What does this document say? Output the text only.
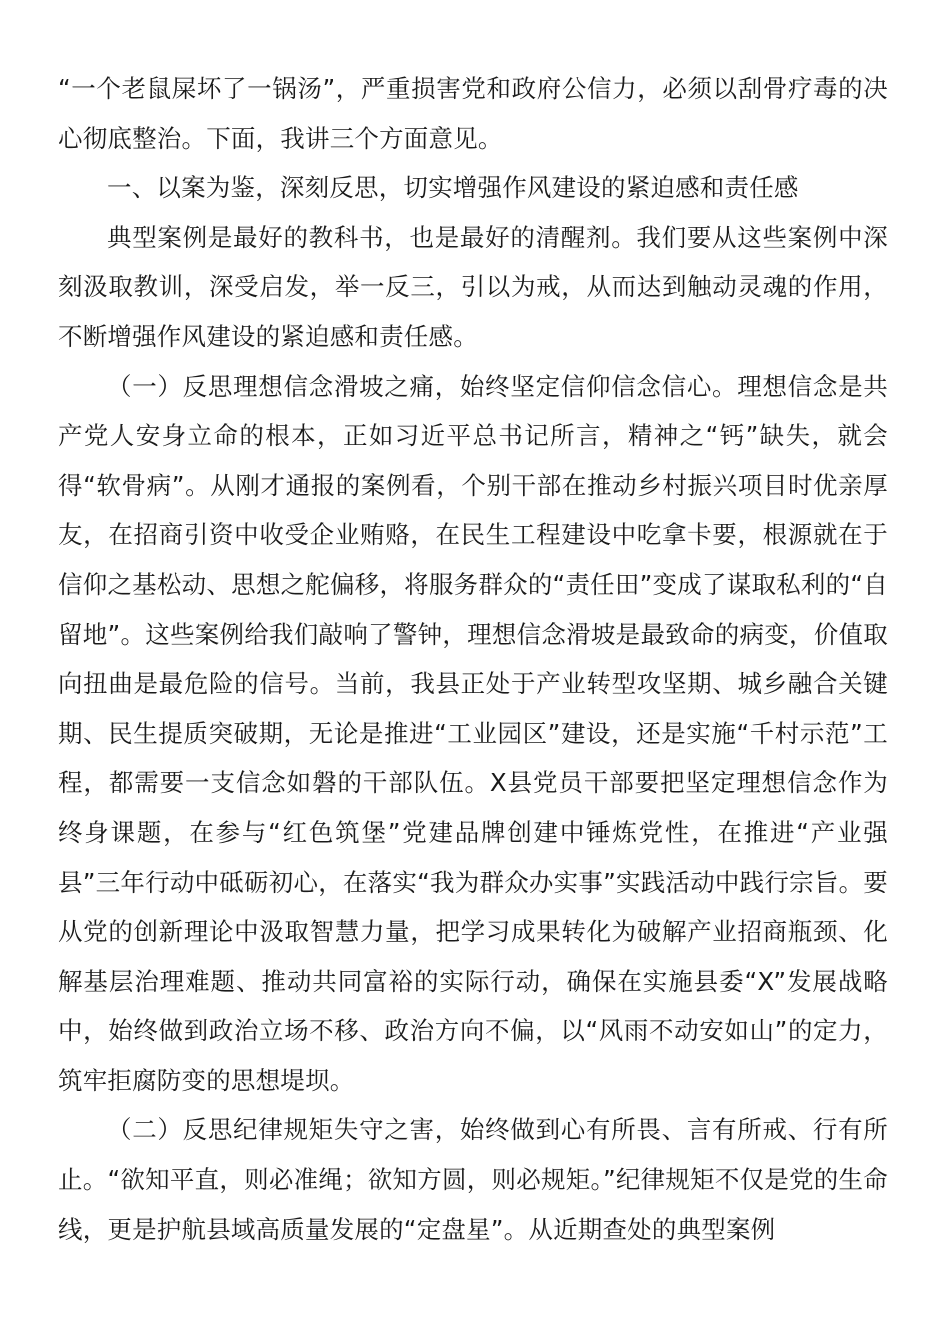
“一个老鼠屎坏了一锅汤”，严重损害党和政府公信力，必须以刮骨疗毒的决心彻底整治。下面，我讲三个方面意见。

一、以案为鉴，深刻反思，切实增强作风建设的紧迫感和责任感

典型案例是最好的教科书，也是最好的清醒剂。我们要从这些案例中深刻汲取教训，深受启发，举一反三，引以为戒，从而达到触动灵魂的作用，不断增强作风建设的紧迫感和责任感。

（一）反思理想信念滑坡之痛，始终坚定信仰信念信心。理想信念是共产党人安身立命的根本，正如习近平总书记所言，精神之“钙”缺失，就会得“软骨病”。从刚才通报的案例看，个别干部在推动乡村振兴项目时优亲厚友，在招商引资中收受企业贿赂，在民生工程建设中吃拿卡要，根源就在于信仰之基松动、思想之舵偏移，将服务群众的“责任田”变成了谋取私利的“自留地”。这些案例给我们敲响了警钟，理想信念滑坡是最致命的病变，价值取向扭曲是最危险的信号。当前，我县正处于产业转型攻坚期、城乡融合关键期、民生提质突破期，无论是推进“工业园区”建设，还是实施“千村示范”工程，都需要一支信念如磐的干部队伍。X县党员干部要把坚定理想信念作为终身课题，在参与“红色筑堡”党建品牌创建中锤炼党性，在推进“产业强县”三年行动中砥砺初心，在落实“我为群众办实事”实践活动中践行宗旨。要从党的创新理论中汲取智慧力量，把学习成果转化为破解产业招商瓶颈、化解基层治理难题、推动共同富裕的实际行动，确保在实施县委“X”发展战略中，始终做到政治立场不移、政治方向不偏，以“风雨不动安如山”的定力，筑牢拒腐防变的思想堤坝。

（二）反思纪律规矩失守之害，始终做到心有所畏、言有所戒、行有所止。“欲知平直，则必准绳；欲知方圆，则必规矩。”纪律规矩不仅是党的生命线，更是护航县域高质量发展的“定盘星”。从近期查处的典型案例
